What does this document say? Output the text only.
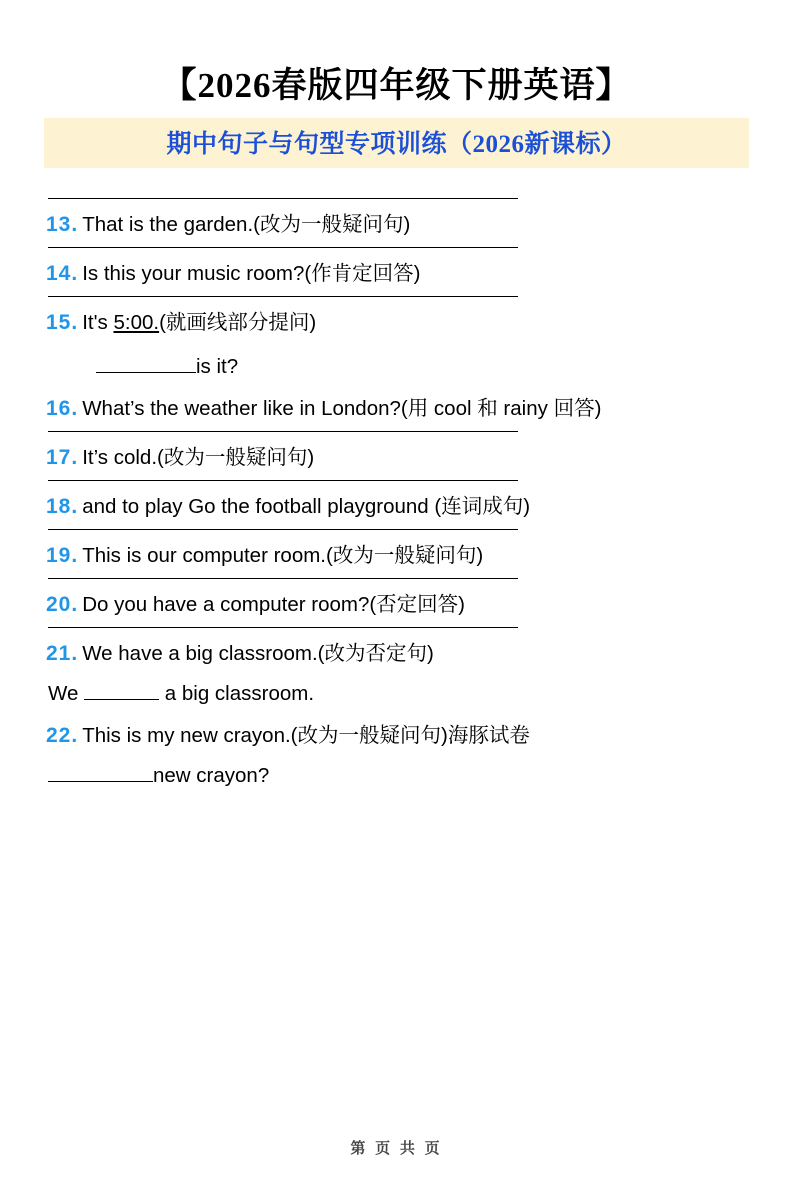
【2026春版四年级下册英语】
期中句子与句型专项训练（2026新课标）
13. That is the garden.(改为一般疑问句)
14. Is this your music room?(作肯定回答)
15. It's 5:00.(就画线部分提问)
is it?
16. What’s the weather like in London?(用 cool 和 rainy 回答)
17. It’s cold.(改为一般疑问句)
18. and to play Go the football playground (连词成句)
19. This is our computer room.(改为一般疑问句)
20. Do you have a computer room?(否定回答)
21. We have a big classroom.(改为否定句)
We	a big classroom.
22. This is my new crayon.(改为一般疑问句)海豚试卷
new crayon?
第 页 共 页
